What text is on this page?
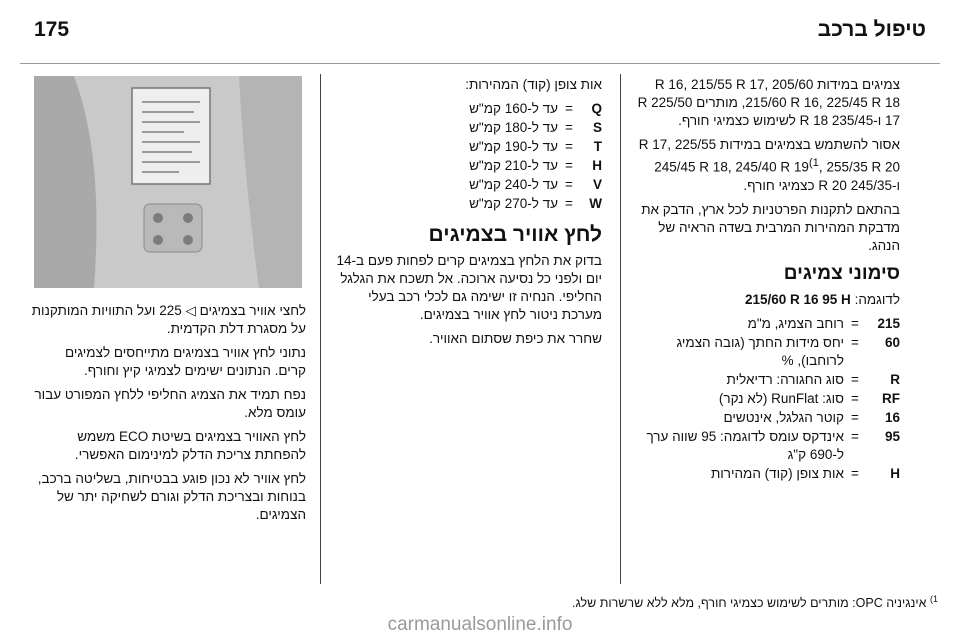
175	טיפול ברכב

צמיגים במידות 205/60 R 16, 215/55 R 17, 215/60 R 16, 225/45 R 18, מותרים 225/50 R 17 ו-235/45 R 18 לשימוש כצמיגי חורף.

אסור להשתמש בצמיגים במידות 225/55 R 17, 245/45 R 18, 245/40 R 19$^{(1}$, 255/35 R 20 ו-245/35 R 20 כצמיגי חורף.

בהתאם לתקנות הפרטניות לכל ארץ, הדבק את מדבקת המהירות המרבית בשדה הראיה של הנהג.

סימוני צמיגים

לדוגמה: 215/60 R 16 95 H

215	=	רוחב הצמיג, מ"מ
60	=	יחס מידות החתך (גובה הצמיג לרוחבו), %
R	=	סוג החגורה: רדיאלית
RF	=	סוג: RunFlat (לא נקר)
16	=	קוטר הגלגל, אינטשים
95	=	אינדקס עומס לדוגמה: 95 שווה ערך ל-690 ק"ג
H	=	אות צופן (קוד) המהירות

אות צופן (קוד) המהירות:

Q	=	עד ל-160 קמ"ש
S	=	עד ל-180 קמ"ש
T	=	עד ל-190 קמ"ש
H	=	עד ל-210 קמ"ש
V	=	עד ל-240 קמ"ש
W	=	עד ל-270 קמ"ש
לחץ אוויר בצמיגים

בדוק את הלחץ בצמיגים קרים לפחות פעם ב-14 יום ולפני כל נסיעה ארוכה. אל תשכח את הגלגל החליפי. הנחיה זו ישימה גם לכלי רכב בעלי מערכת ניטור לחץ אוויר בצמיגים.

שחרר את כיפת שסתום האוויר.

לחצי אוויר בצמיגים ◁ 225 ועל התוויות המותקנות על מסגרת דלת הקדמית.

נתוני לחץ אוויר בצמיגים מתייחסים לצמיגים קרים. הנתונים ישימים לצמיגי קיץ וחורף.

נפח תמיד את הצמיג החליפי ללחץ המפורט עבור עומס מלא.

לחץ האוויר בצמיגים בשיטת ECO משמש להפחתת צריכת הדלק למינימום האפשרי.

לחץ אוויר לא נכון פוגע בבטיחות, בשליטה ברכב, בנוחות ובצריכת הדלק וגורם לשחיקה יתר של הצמיגים.

$^{1)}$ אינגיניה OPC: מותרים לשימוש כצמיגי חורף, מלא ללא שרשרות שלג.
carmanualsonline.info
